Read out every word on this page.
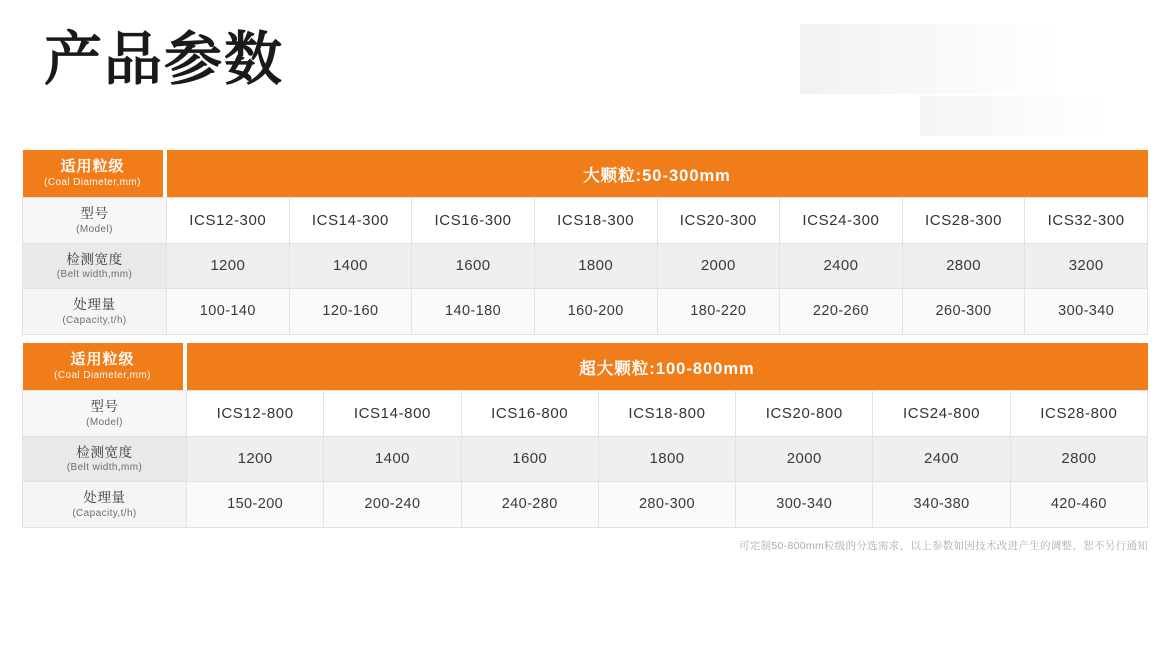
产品参数
适用粒级
(Coal Diameter,mm)		大颗粒:50-300mm							

型号
(Model)		ICS12-300	ICS14-300	ICS16-300	ICS18-300	ICS20-300	ICS24-300	ICS28-300	ICS32-300

检测宽度
(Belt width,mm)		1200	1400	1600	1800	2000	2400	2800	3200

处理量
(Capacity,t/h)		100-140	120-160	140-180	160-200	180-220	220-260	260-300	300-340
适用粒级
(Coal Diameter,mm)		超大颗粒:100-800mm						

型号
(Model)		ICS12-800	ICS14-800	ICS16-800	ICS18-800	ICS20-800	ICS24-800	ICS28-800

检测宽度
(Belt width,mm)		1200	1400	1600	1800	2000	2400	2800

处理量
(Capacity,t/h)		150-200	200-240	240-280	280-300	300-340	340-380	420-460
可定制50-800mm粒级的分选需求，以上参数如因技术改进产生的调整，恕不另行通知
